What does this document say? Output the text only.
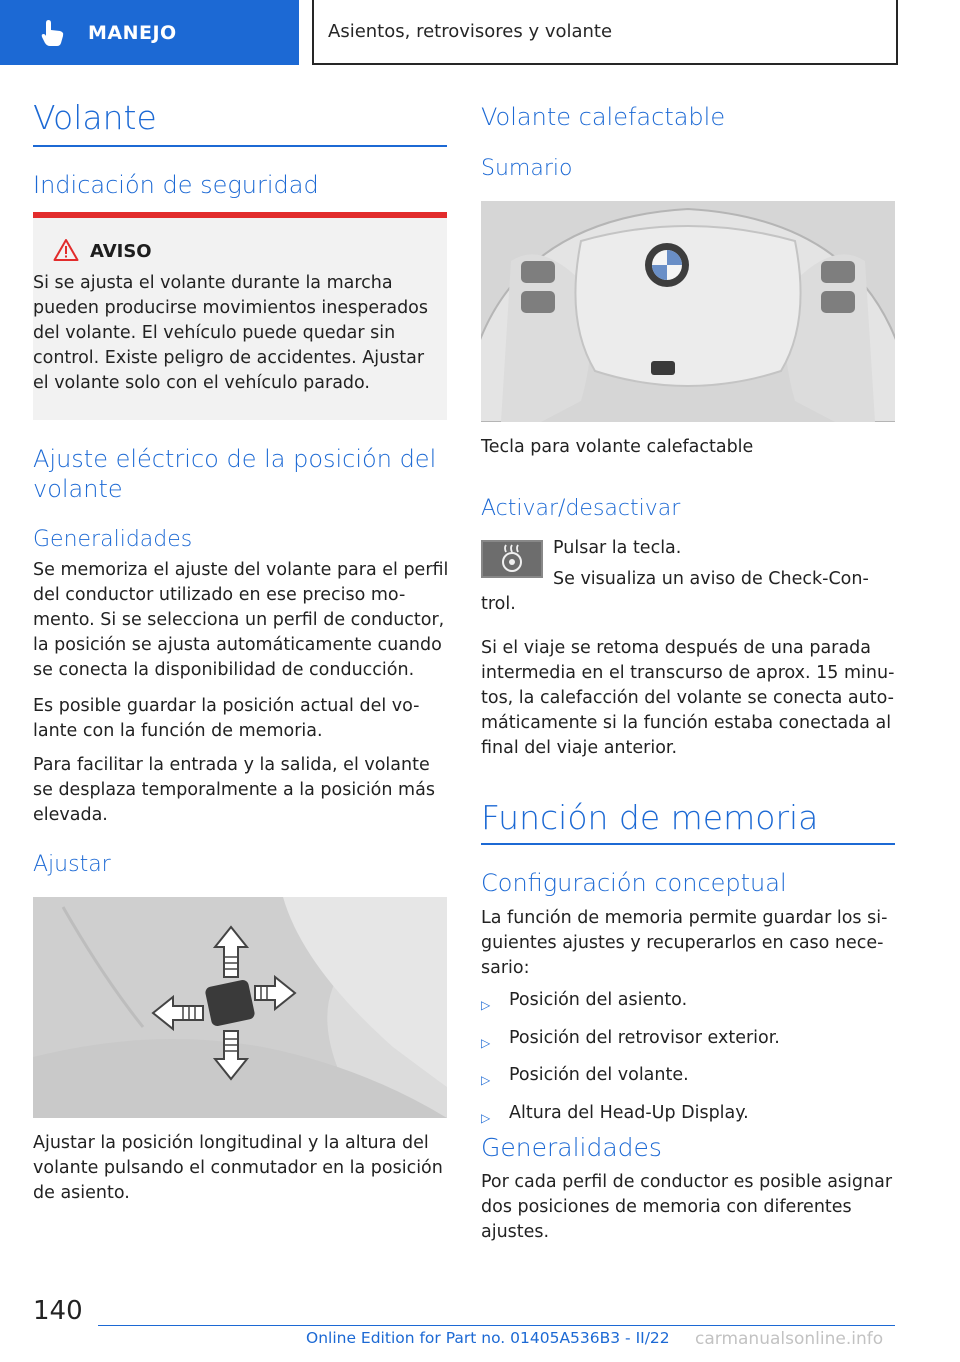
MANEJO	Asientos, retrovisores y volante
Volante
Indicación de seguridad
AVISO
Si se ajusta el volante durante la marcha
pueden producirse movimientos inesperados
del volante. El vehículo puede quedar sin
control. Existe peligro de accidentes. Ajustar
el volante solo con el vehículo parado.
Ajuste eléctrico de la posición del
volante
Generalidades
Se memoriza el ajuste del volante para el perfil
del conductor utilizado en ese preciso mo-
mento. Si se selecciona un perfil de conductor,
la posición se ajusta automáticamente cuando
se conecta la disponibilidad de conducción.
Es posible guardar la posición actual del vo-
lante con la función de memoria.
Para facilitar la entrada y la salida, el volante
se desplaza temporalmente a la posición más
elevada.
Ajustar
Ajustar la posición longitudinal y la altura del
volante pulsando el conmutador en la posición
de asiento.
Volante calefactable
Sumario
Tecla para volante calefactable
Activar/desactivar
Pulsar la tecla.
Se visualiza un aviso de Check-Con-
trol.
Si el viaje se retoma después de una parada
intermedia en el transcurso de aprox. 15 minu-
tos, la calefacción del volante se conecta auto-
máticamente si la función estaba conectada al
final del viaje anterior.
Función de memoria
Configuración conceptual
La función de memoria permite guardar los si-
guientes ajustes y recuperarlos en caso nece-
sario:
▷	Posición del asiento.
▷	Posición del retrovisor exterior.
▷	Posición del volante.
▷	Altura del Head-Up Display.
Generalidades
Por cada perfil de conductor es posible asignar
dos posiciones de memoria con diferentes
ajustes.
140
Online Edition for Part no. 01405A536B3 - II/22 carmanualsonline.info
